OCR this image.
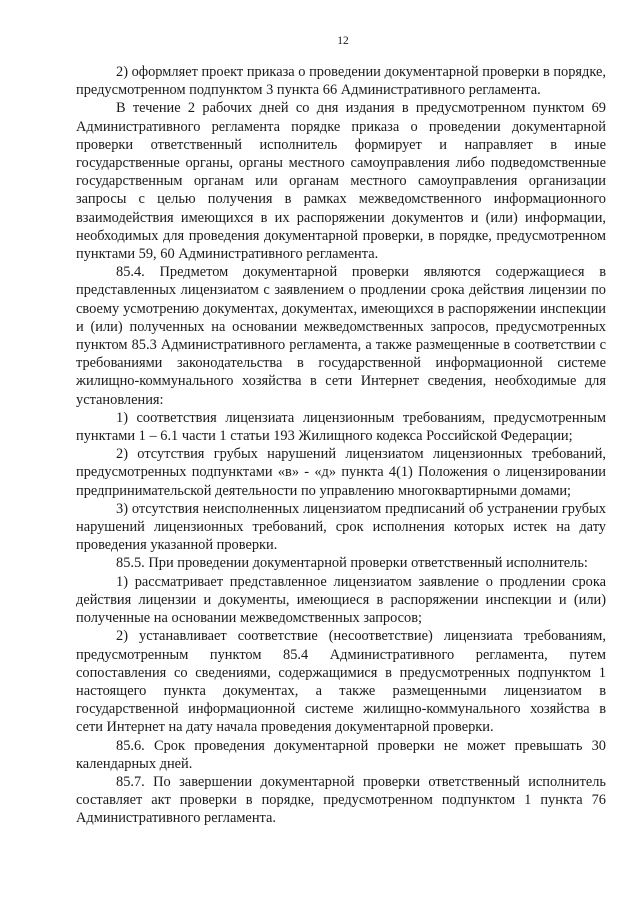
12

2) оформляет проект приказа о проведении документарной проверки в порядке, предусмотренном подпунктом 3 пункта 66 Административного регламента.

В течение 2 рабочих дней со дня издания в предусмотренном пунктом 69 Административного регламента порядке приказа о проведении документарной проверки ответственный исполнитель формирует и направляет в иные государственные органы, органы местного самоуправления либо подведомственные государственным органам или органам местного самоуправления организации запросы с целью получения в рамках межведомственного информационного взаимодействия имеющихся в их распоряжении документов и (или) информации, необходимых для проведения документарной проверки, в порядке, предусмотренном пунктами 59, 60 Административного регламента.

85.4. Предметом документарной проверки являются содержащиеся в представленных лицензиатом с заявлением о продлении срока действия лицензии по своему усмотрению документах, документах, имеющихся в распоряжении инспекции и (или) полученных на основании межведомственных запросов, предусмотренных пунктом 85.3 Административного регламента, а также размещенные в соответствии с требованиями законодательства в государственной информационной системе жилищно-коммунального хозяйства в сети Интернет сведения, необходимые для установления:

1) соответствия лицензиата лицензионным требованиям, предусмотренным пунктами 1 – 6.1 части 1 статьи 193 Жилищного кодекса Российской Федерации;

2) отсутствия грубых нарушений лицензиатом лицензионных требований, предусмотренных подпунктами «в» - «д» пункта 4(1) Положения о лицензировании предпринимательской деятельности по управлению многоквартирными домами;

3) отсутствия неисполненных лицензиатом предписаний об устранении грубых нарушений лицензионных требований, срок исполнения которых истек на дату проведения указанной проверки.

85.5. При проведении документарной проверки ответственный исполнитель:

1) рассматривает представленное лицензиатом заявление о продлении срока действия лицензии и документы, имеющиеся в распоряжении инспекции и (или) полученные на основании межведомственных запросов;

2) устанавливает соответствие (несоответствие) лицензиата требованиям, предусмотренным пунктом 85.4 Административного регламента, путем сопоставления со сведениями, содержащимися в предусмотренных подпунктом 1 настоящего пункта документах, а также размещенными лицензиатом в государственной информационной системе жилищно-коммунального хозяйства в сети Интернет на дату начала проведения документарной проверки.

85.6. Срок проведения документарной проверки не может превышать 30 календарных дней.

85.7. По завершении документарной проверки ответственный исполнитель составляет акт проверки в порядке, предусмотренном подпунктом 1 пункта 76 Административного регламента.
